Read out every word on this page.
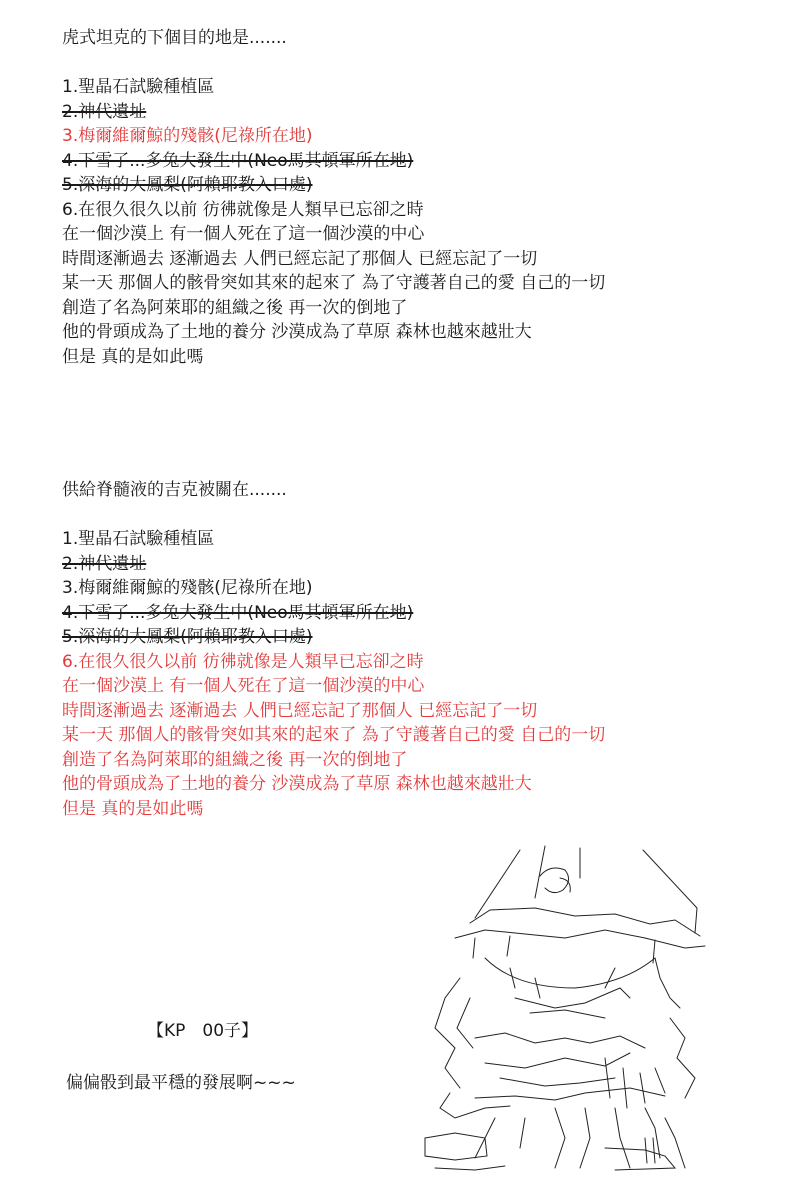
虎式坦克的下個目的地是.......
1.聖晶石試驗種植區
2.神代遺址
3.梅爾維爾鯨的殘骸(尼祿所在地)
4.下雪了...多兔大發生中(Neo馬其頓軍所在地)
5.深海的大鳳梨(阿賴耶教入口處)
6.在很久很久以前 彷彿就像是人類早已忘卻之時
在一個沙漠上 有一個人死在了這一個沙漠的中心
時間逐漸過去 逐漸過去 人們已經忘記了那個人 已經忘記了一切
某一天 那個人的骸骨突如其來的起來了 為了守護著自己的愛 自己的一切
創造了名為阿萊耶的組織之後 再一次的倒地了
他的骨頭成為了土地的養分 沙漠成為了草原 森林也越來越壯大
但是 真的是如此嗎
供給脊髓液的吉克被關在.......
1.聖晶石試驗種植區
2.神代遺址
3.梅爾維爾鯨的殘骸(尼祿所在地)
4.下雪了...多兔大發生中(Neo馬其頓軍所在地)
5.深海的大鳳梨(阿賴耶教入口處)
6.在很久很久以前 彷彿就像是人類早已忘卻之時
在一個沙漠上 有一個人死在了這一個沙漠的中心
時間逐漸過去 逐漸過去 人們已經忘記了那個人 已經忘記了一切
某一天 那個人的骸骨突如其來的起來了 為了守護著自己的愛 自己的一切
創造了名為阿萊耶的組織之後 再一次的倒地了
他的骨頭成為了土地的養分 沙漠成為了草原 森林也越來越壯大
但是 真的是如此嗎
【KP　00子】
偏偏骰到最平穩的發展啊~~~
